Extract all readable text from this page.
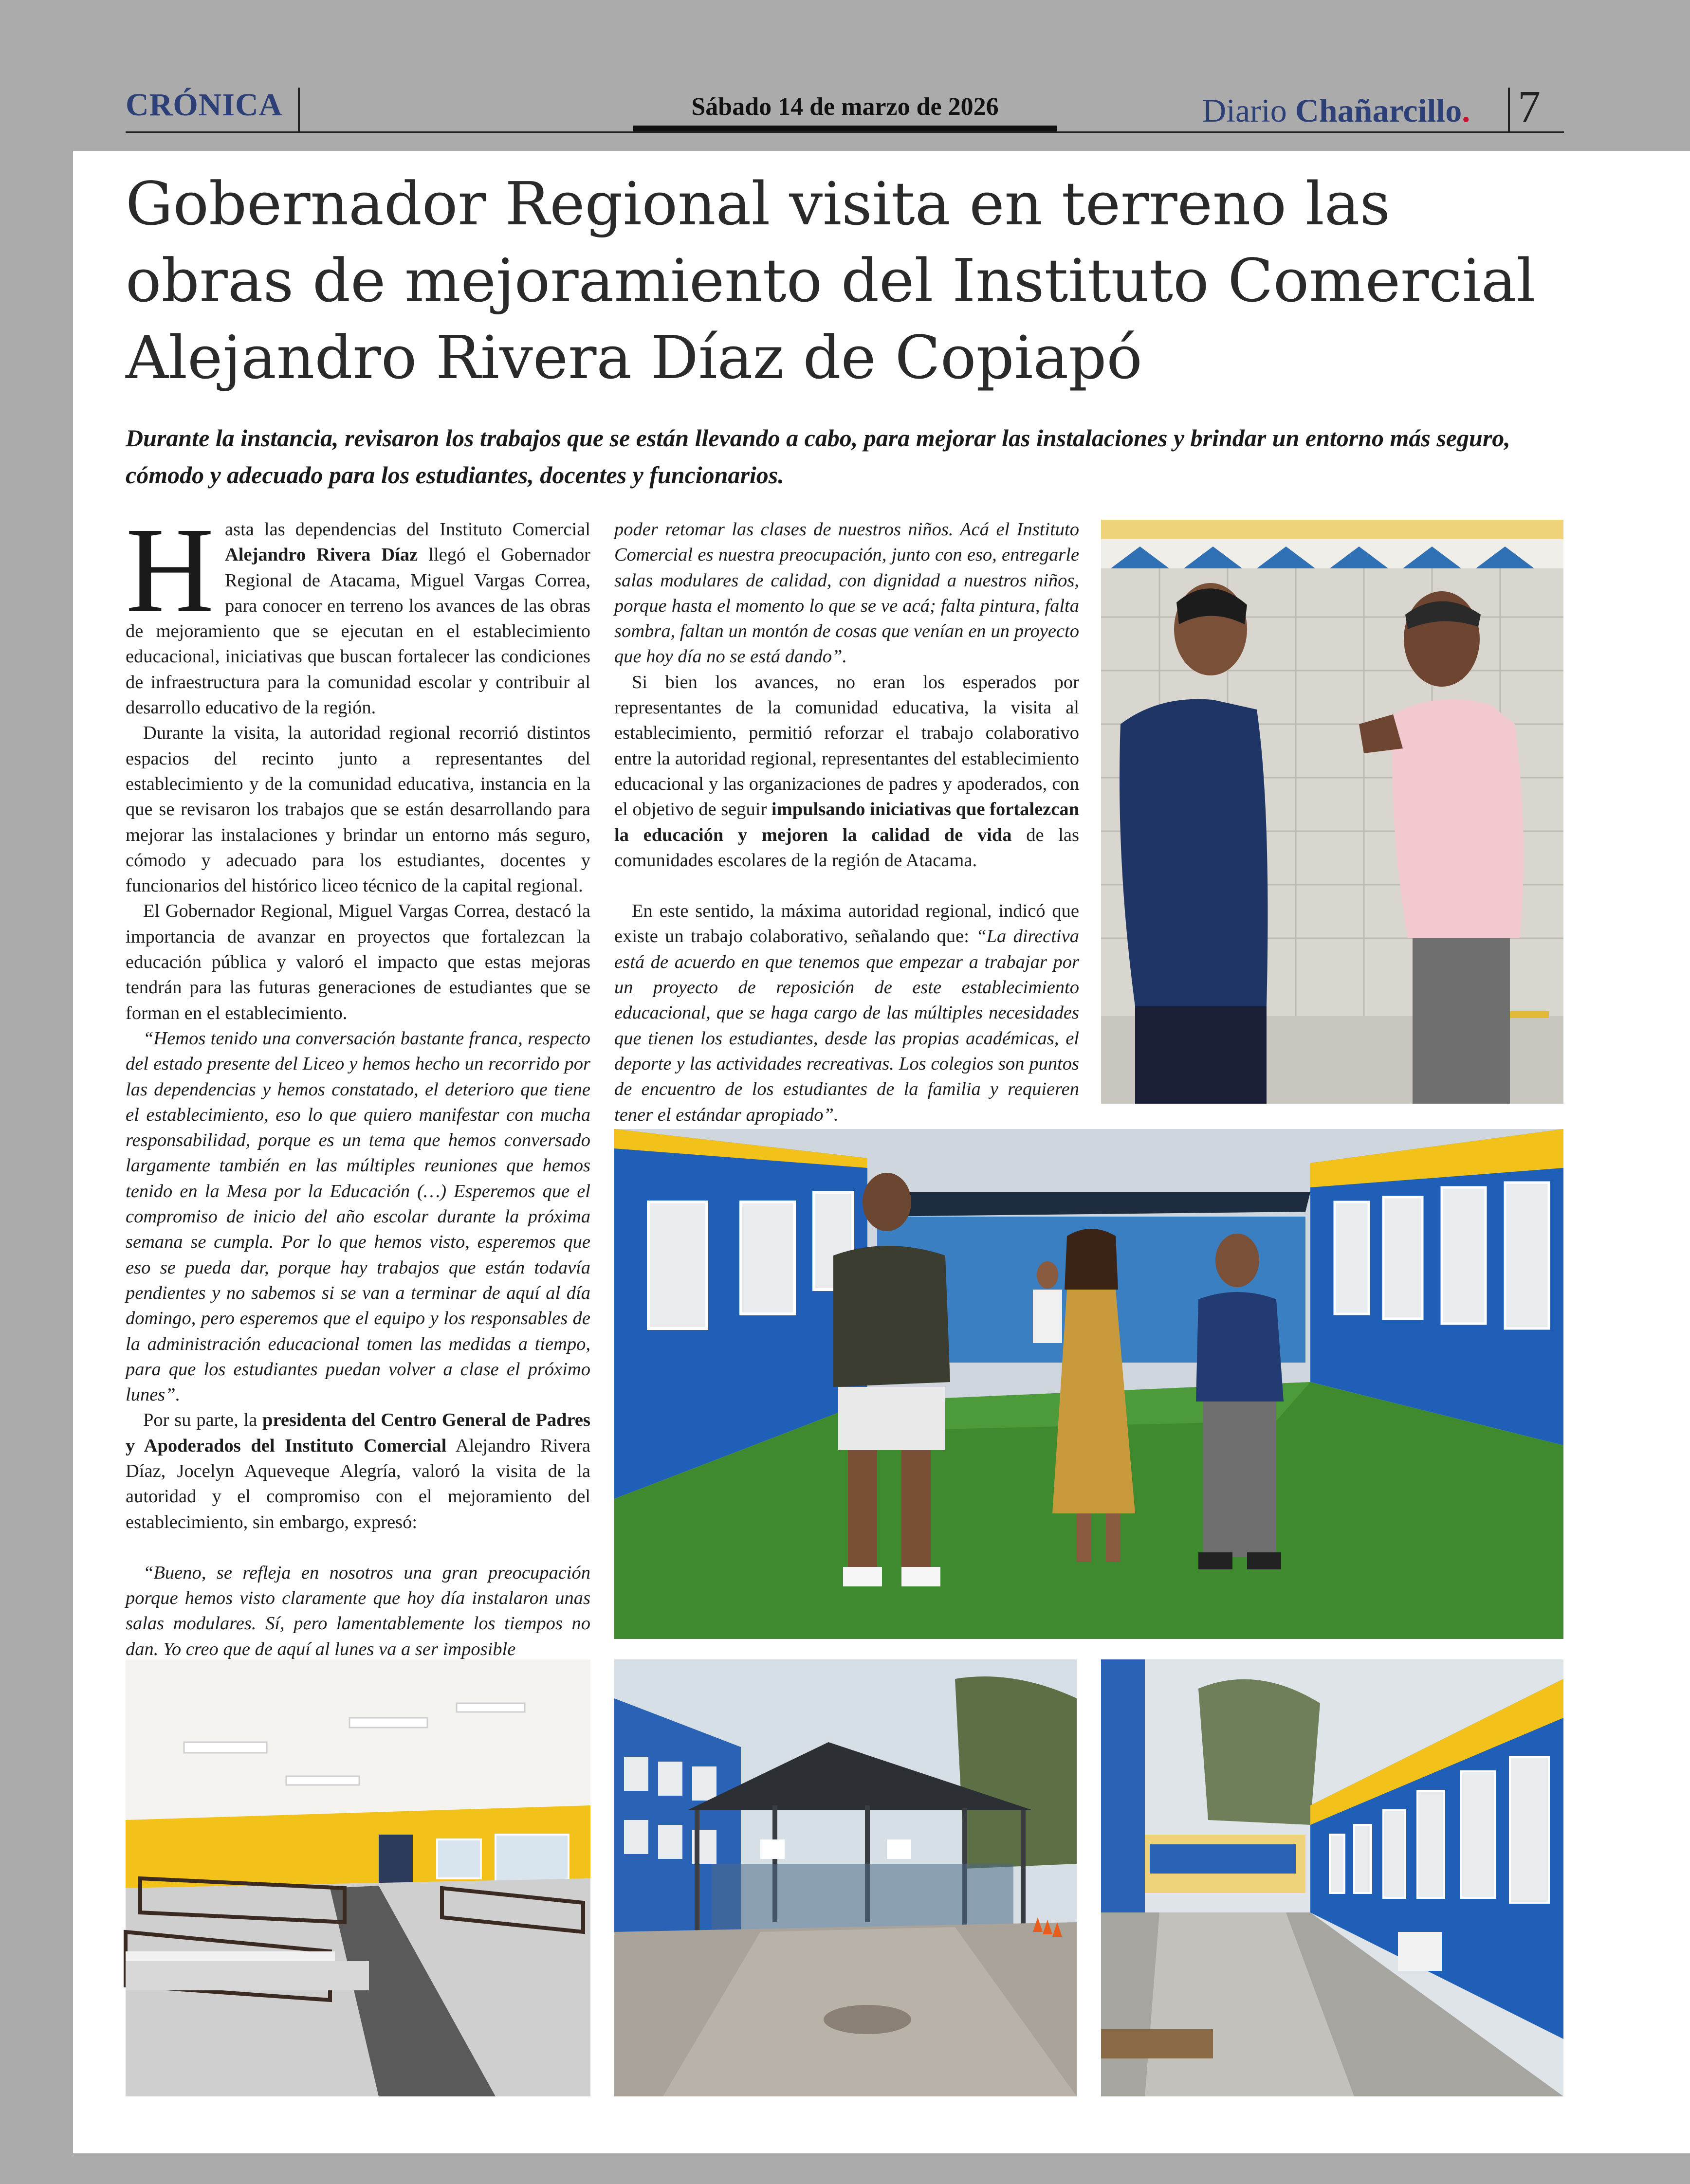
CRÓNICA	Sábado 14 de marzo de 2026	Diario Chañarcillo. 7
Gobernador Regional visita en terreno las obras de mejoramiento del Instituto Comercial Alejandro Rivera Díaz de Copiapó

Durante la instancia, revisaron los trabajos que se están llevando a cabo, para mejorar las instalaciones y brindar un entorno más seguro, cómodo y adecuado para los estudiantes, docentes y funcionarios.

Hasta las dependencias del Instituto Comercial Alejandro Rivera Díaz llegó el Gobernador Regional de Atacama, Miguel Vargas Correa, para conocer en terreno los avances de las obras de mejoramiento que se ejecutan en el establecimiento educacional, iniciativas que buscan fortalecer las condiciones de infraestructura para la comunidad escolar y contribuir al desarrollo educativo de la región.

Durante la visita, la autoridad regional recorrió distintos espacios del recinto junto a representantes del establecimiento y de la comunidad educativa, instancia en la que se revisaron los trabajos que se están desarrollando para mejorar las instalaciones y brindar un entorno más seguro, cómodo y adecuado para los estudiantes, docentes y funcionarios del histórico liceo técnico de la capital regional.

El Gobernador Regional, Miguel Vargas Correa, destacó la importancia de avanzar en proyectos que fortalezcan la educación pública y valoró el impacto que estas mejoras tendrán para las futuras generaciones de estudiantes que se forman en el establecimiento.

“Hemos tenido una conversación bastante franca, respecto del estado presente del Liceo y hemos hecho un recorrido por las dependencias y hemos constatado, el deterioro que tiene el establecimiento, eso lo que quiero manifestar con mucha responsabilidad, porque es un tema que hemos conversado largamente también en las múltiples reuniones que hemos tenido en la Mesa por la Educación (…) Esperemos que el compromiso de inicio del año escolar durante la próxima semana se cumpla. Por lo que hemos visto, esperemos que eso se pueda dar, porque hay trabajos que están todavía pendientes y no sabemos si se van a terminar de aquí al día domingo, pero esperemos que el equipo y los responsables de la administración educacional tomen las medidas a tiempo, para que los estudiantes puedan volver a clase el próximo lunes”.

Por su parte, la presidenta del Centro General de Padres y Apoderados del Instituto Comercial Alejandro Rivera Díaz, Jocelyn Aqueveque Alegría, valoró la visita de la autoridad y el compromiso con el mejoramiento del establecimiento, sin embargo, expresó:

“Bueno, se refleja en nosotros una gran preocupación porque hemos visto claramente que hoy día instalaron unas salas modulares. Sí, pero lamentablemente los tiempos no dan. Yo creo que de aquí al lunes va a ser imposible

poder retomar las clases de nuestros niños. Acá el Instituto Comercial es nuestra preocupación, junto con eso, entregarle salas modulares de calidad, con dignidad a nuestros niños, porque hasta el momento lo que se ve acá; falta pintura, falta sombra, faltan un montón de cosas que venían en un proyecto que hoy día no se está dando”.

Si bien los avances, no eran los esperados por representantes de la comunidad educativa, la visita al establecimiento, permitió reforzar el trabajo colaborativo entre la autoridad regional, representantes del establecimiento educacional y las organizaciones de padres y apoderados, con el objetivo de seguir impulsando iniciativas que fortalezcan la educación y mejoren la calidad de vida de las comunidades escolares de la región de Atacama.

En este sentido, la máxima autoridad regional, indicó que existe un trabajo colaborativo, señalando que: “La directiva está de acuerdo en que tenemos que empezar a trabajar por un proyecto de reposición de este establecimiento educacional, que se haga cargo de las múltiples necesidades que tienen los estudiantes, desde las propias académicas, el deporte y las actividades recreativas. Los colegios son puntos de encuentro de los estudiantes de la familia y requieren tener el estándar apropiado”.
